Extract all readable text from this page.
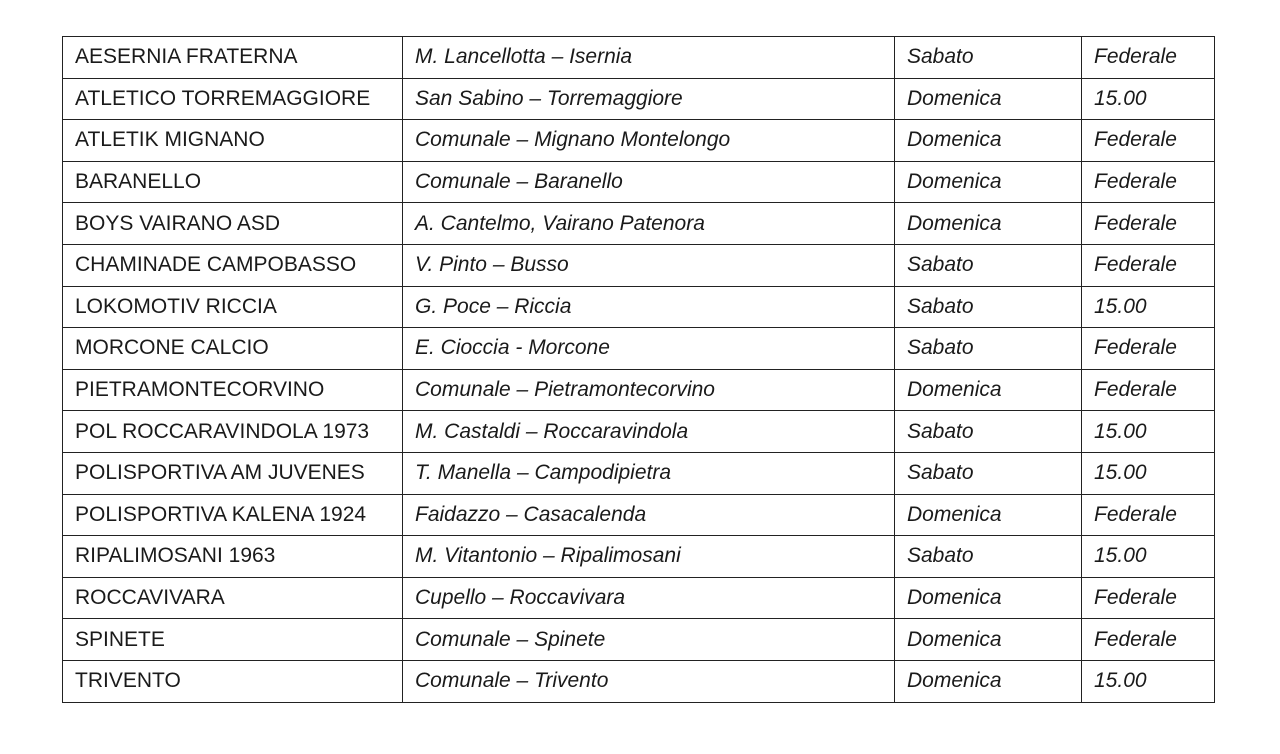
AESERNIA FRATERNA	M. Lancellotta – Isernia	Sabato	Federale
ATLETICO TORREMAGGIORE	San Sabino – Torremaggiore	Domenica	15.00
ATLETIK MIGNANO	Comunale – Mignano Montelongo	Domenica	Federale
BARANELLO	Comunale – Baranello	Domenica	Federale
BOYS VAIRANO ASD	A. Cantelmo, Vairano Patenora	Domenica	Federale
CHAMINADE CAMPOBASSO	V. Pinto – Busso	Sabato	Federale
LOKOMOTIV RICCIA	G. Poce – Riccia	Sabato	15.00
MORCONE CALCIO	E. Cioccia - Morcone	Sabato	Federale
PIETRAMONTECORVINO	Comunale – Pietramontecorvino	Domenica	Federale
POL ROCCARAVINDOLA 1973	M. Castaldi – Roccaravindola	Sabato	15.00
POLISPORTIVA AM JUVENES	T. Manella – Campodipietra	Sabato	15.00
POLISPORTIVA KALENA 1924	Faidazzo – Casacalenda	Domenica	Federale
RIPALIMOSANI 1963	M. Vitantonio – Ripalimosani	Sabato	15.00
ROCCAVIVARA	Cupello – Roccavivara	Domenica	Federale
SPINETE	Comunale – Spinete	Domenica	Federale
TRIVENTO	Comunale – Trivento	Domenica	15.00
